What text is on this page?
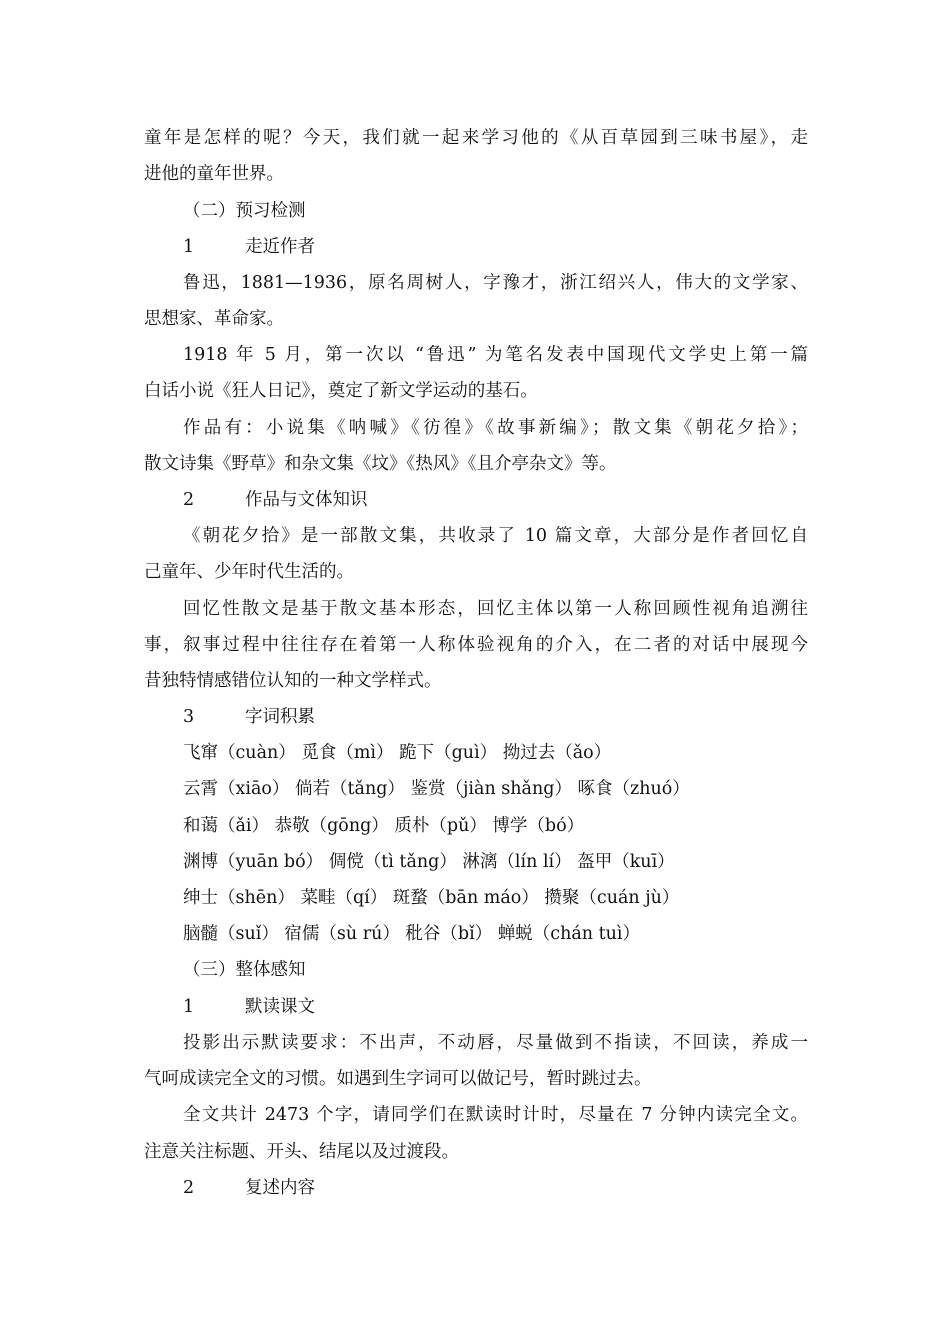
童年是怎样的呢？今天，我们就一起来学习他的《从百草园到三味书屋》，走
进他的童年世界。
（二）预习检测
1	走近作者
鲁迅，1881—1936，原名周树人，字豫才，浙江绍兴人，伟大的文学家、
思想家、革命家。
1918 年 5 月，第一次以 “鲁迅” 为笔名发表中国现代文学史上第一篇
白话小说《狂人日记》，奠定了新文学运动的基石。
作品有：小说集《呐喊》《彷徨》《故事新编》；散文集《朝花夕拾》；
散文诗集《野草》和杂文集《坟》《热风》《且介亭杂文》等。
2	作品与文体知识
《朝花夕拾》是一部散文集，共收录了 10 篇文章，大部分是作者回忆自
己童年、少年时代生活的。
回忆性散文是基于散文基本形态，回忆主体以第一人称回顾性视角追溯往
事，叙事过程中往往存在着第一人称体验视角的介入，在二者的对话中展现今
昔独特情感错位认知的一种文学样式。
3	字词积累
飞窜（cuàn） 觅食（mì） 跪下（guì） 拗过去（ǎo）
云霄（xiāo） 倘若（tǎng） 鉴赏（jiàn shǎng） 啄食（zhuó）
和蔼（ǎi） 恭敬（gōng） 质朴（pǔ） 博学（bó）
渊博（yuān bó） 倜傥（tì tǎng） 淋漓（lín lí） 盔甲（kuī）
绅士（shēn） 菜畦（qí） 斑蝥（bān máo） 攒聚（cuán jù）
脑髓（suǐ） 宿儒（sù rú） 秕谷（bǐ） 蝉蜕（chán tuì）
（三）整体感知
1	默读课文
投影出示默读要求：不出声，不动唇，尽量做到不指读，不回读，养成一
气呵成读完全文的习惯。如遇到生字词可以做记号，暂时跳过去。
全文共计 2473 个字，请同学们在默读时计时，尽量在 7 分钟内读完全文。
注意关注标题、开头、结尾以及过渡段。
2	复述内容
